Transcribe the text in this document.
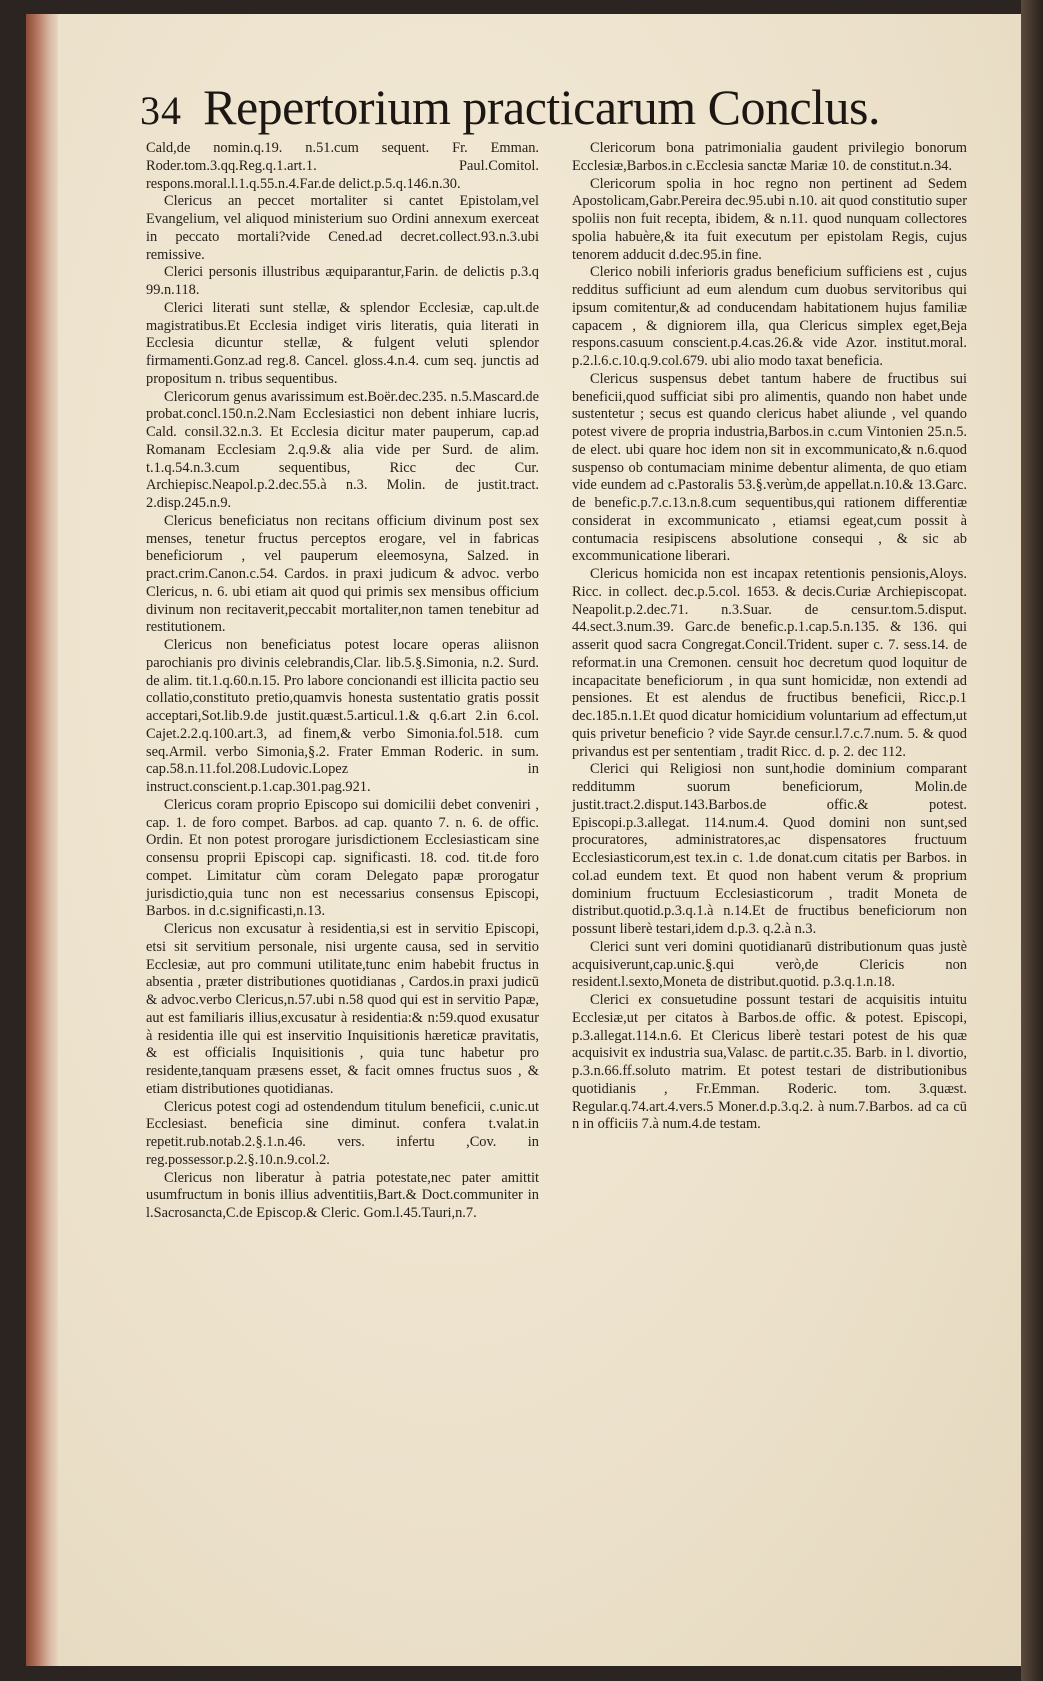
34 Repertorium practicarum Conclus.

Cald,de nomin.q.19. n.51.cum sequent. Fr. Emman. Roder.tom.3.qq.Reg.q.1.art.1. Paul.Comitol. respons.moral.l.1.q.55.n.4.Far.de delict.p.5.q.146.n.30.

Clericus an peccet mortaliter si cantet Epistolam,vel Evangelium, vel aliquod ministerium suo Ordini annexum exerceat in peccato mortali?vide Cened.ad decret.collect.93.n.3.ubi remissive.

Clerici personis illustribus æquiparantur,Farin. de delictis p.3.q 99.n.118.

Clerici literati sunt stellæ, & splendor Ecclesiæ, cap.ult.de magistratibus.Et Ecclesia indiget viris literatis, quia literati in Ecclesia dicuntur stellæ, & fulgent veluti splendor firmamenti.Gonz.ad reg.8. Cancel. gloss.4.n.4. cum seq. junctis ad propositum n. tribus sequentibus.

Clericorum genus avarissimum est.Boër.dec.235. n.5.Mascard.de probat.concl.150.n.2.Nam Ecclesiastici non debent inhiare lucris, Cald. consil.32.n.3. Et Ecclesia dicitur mater pauperum, cap.ad Romanam Ecclesiam 2.q.9.& alia vide per Surd. de alim. t.1.q.54.n.3.cum sequentibus, Ricc dec Cur. Archiepisc.Neapol.p.2.dec.55.à n.3. Molin. de justit.tract. 2.disp.245.n.9.

Clericus beneficiatus non recitans officium divinum post sex menses, tenetur fructus perceptos erogare, vel in fabricas beneficiorum , vel pauperum eleemosyna, Salzed. in pract.crim.Canon.c.54. Cardos. in praxi judicum & advoc. verbo Clericus, n. 6. ubi etiam ait quod qui primis sex mensibus officium divinum non recitaverit,peccabit mortaliter,non tamen tenebitur ad restitutionem.

Clericus non beneficiatus potest locare operas aliisnon parochianis pro divinis celebrandis,Clar. lib.5.§.Simonia, n.2. Surd. de alim. tit.1.q.60.n.15. Pro labore concionandi est illicita pactio seu collatio,constituto pretio,quamvis honesta sustentatio gratis possit acceptari,Sot.lib.9.de justit.quæst.5.articul.1.& q.6.art 2.in 6.col. Cajet.2.2.q.100.art.3, ad finem,& verbo Simonia.fol.518. cum seq.Armil. verbo Simonia,§.2. Frater Emman Roderic. in sum. cap.58.n.11.fol.208.Ludovic.Lopez in instruct.conscient.p.1.cap.301.pag.921.

Clericus coram proprio Episcopo sui domicilii debet conveniri , cap. 1. de foro compet. Barbos. ad cap. quanto 7. n. 6. de offic. Ordin. Et non potest prorogare jurisdictionem Ecclesiasticam sine consensu proprii Episcopi cap. significasti. 18. cod. tit.de foro compet. Limitatur cùm coram Delegato papæ prorogatur jurisdictio,quia tunc non est necessarius consensus Episcopi, Barbos. in d.c.significasti,n.13.

Clericus non excusatur à residentia,si est in servitio Episcopi, etsi sit servitium personale, nisi urgente causa, sed in servitio Ecclesiæ, aut pro communi utilitate,tunc enim habebit fructus in absentia , præter distributiones quotidianas , Cardos.in praxi judicū & advoc.verbo Clericus,n.57.ubi n.58 quod qui est in servitio Papæ, aut est familiaris illius,excusatur à residentia:& n:59.quod exusatur à residentia ille qui est inservitio Inquisitionis hæreticæ pravitatis, & est officialis Inquisitionis , quia tunc habetur pro residente,tanquam præsens esset, & facit omnes fructus suos , & etiam distributiones quotidianas.

Clericus potest cogi ad ostendendum titulum beneficii, c.unic.ut Ecclesiast. beneficia sine diminut. confera t.valat.in repetit.rub.notab.2.§.1.n.46. vers. infertu ,Cov. in reg.possessor.p.2.§.10.n.9.col.2.

Clericus non liberatur à patria potestate,nec pater amittit usumfructum in bonis illius adventitiis,Bart.& Doct.communiter in l.Sacrosancta,C.de Episcop.& Cleric. Gom.l.45.Tauri,n.7.

Clericorum bona patrimonialia gaudent privilegio bonorum Ecclesiæ,Barbos.in c.Ecclesia sanctæ Mariæ 10. de constitut.n.34.

Clericorum spolia in hoc regno non pertinent ad Sedem Apostolicam,Gabr.Pereira dec.95.ubi n.10. ait quod constitutio super spoliis non fuit recepta, ibidem, & n.11. quod nunquam collectores spolia habuère,& ita fuit executum per epistolam Regis, cujus tenorem adducit d.dec.95.in fine.

Clerico nobili inferioris gradus beneficium sufficiens est , cujus redditus sufficiunt ad eum alendum cum duobus servitoribus qui ipsum comitentur,& ad conducendam habitationem hujus familiæ capacem , & digniorem illa, qua Clericus simplex eget,Beja respons.casuum conscient.p.4.cas.26.& vide Azor. institut.moral. p.2.l.6.c.10.q.9.col.679. ubi alio modo taxat beneficia.

Clericus suspensus debet tantum habere de fructibus sui beneficii,quod sufficiat sibi pro alimentis, quando non habet unde sustentetur ; secus est quando clericus habet aliunde , vel quando potest vivere de propria industria,Barbos.in c.cum Vintonien 25.n.5. de elect. ubi quare hoc idem non sit in excommunicato,& n.6.quod suspenso ob contumaciam minime debentur alimenta, de quo etiam vide eundem ad c.Pastoralis 53.§.verùm,de appellat.n.10.& 13.Garc. de benefic.p.7.c.13.n.8.cum sequentibus,qui rationem differentiæ considerat in excommunicato , etiamsi egeat,cum possit à contumacia resipiscens absolutione consequi , & sic ab excommunicatione liberari.

Clericus homicida non est incapax retentionis pensionis,Aloys. Ricc. in collect. dec.p.5.col. 1653. & decis.Curiæ Archiepiscopat. Neapolit.p.2.dec.71. n.3.Suar. de censur.tom.5.disput. 44.sect.3.num.39. Garc.de benefic.p.1.cap.5.n.135. & 136. qui asserit quod sacra Congregat.Concil.Trident. super c. 7. sess.14. de reformat.in una Cremonen. censuit hoc decretum quod loquitur de incapacitate beneficiorum , in qua sunt homicidæ, non extendi ad pensiones. Et est alendus de fructibus beneficii, Ricc.p.1 dec.185.n.1.Et quod dicatur homicidium voluntarium ad effectum,ut quis privetur beneficio ? vide Sayr.de censur.l.7.c.7.num. 5. & quod privandus est per sententiam , tradit Ricc. d. p. 2. dec 112.

Clerici qui Religiosi non sunt,hodie dominium comparant redditumm suorum beneficiorum, Molin.de justit.tract.2.disput.143.Barbos.de offic.& potest. Episcopi.p.3.allegat. 114.num.4. Quod domini non sunt,sed procuratores, administratores,ac dispensatores fructuum Ecclesiasticorum,est tex.in c. 1.de donat.cum citatis per Barbos. in col.ad eundem text. Et quod non habent verum & proprium dominium fructuum Ecclesiasticorum , tradit Moneta de distribut.quotid.p.3.q.1.à n.14.Et de fructibus beneficiorum non possunt liberè testari,idem d.p.3. q.2.à n.3.

Clerici sunt veri domini quotidianarū distributionum quas justè acquisiverunt,cap.unic.§.qui verò,de Clericis non resident.l.sexto,Moneta de distribut.quotid. p.3.q.1.n.18.

Clerici ex consuetudine possunt testari de acquisitis intuitu Ecclesiæ,ut per citatos à Barbos.de offic. & potest. Episcopi, p.3.allegat.114.n.6. Et Clericus liberè testari potest de his quæ acquisivit ex industria sua,Valasc. de partit.c.35. Barb. in l. divortio, p.3.n.66.ff.soluto matrim. Et potest testari de distributionibus quotidianis , Fr.Emman. Roderic. tom. 3.quæst. Regular.q.74.art.4.vers.5 Moner.d.p.3.q.2. à num.7.Barbos. ad ca cū n in officiis 7.à num.4.de testam.
